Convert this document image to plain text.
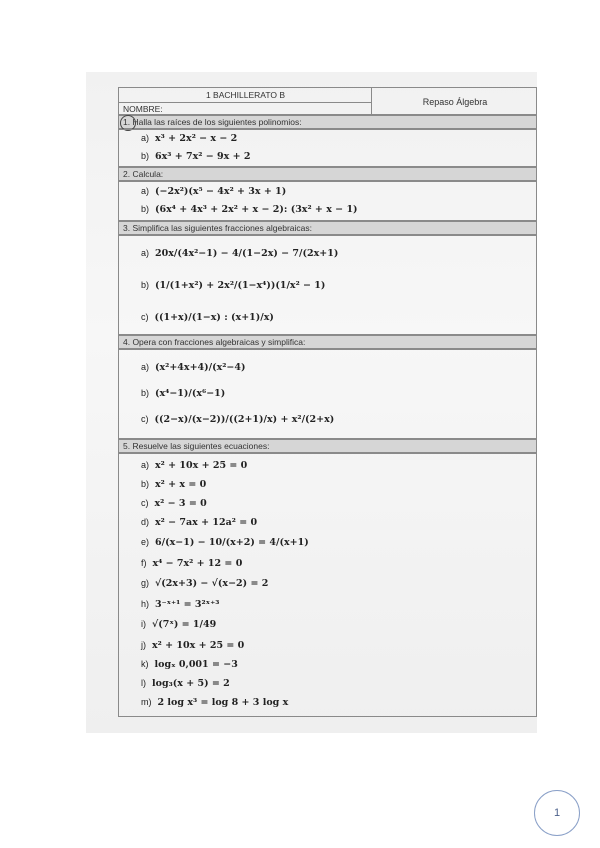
1 BACHILLERATO B
NOMBRE:
Repaso Álgebra
1. Halla las raíces de los siguientes polinomios:
a) x³ + 2x² − x − 2
b) 6x³ + 7x² − 9x + 2
2. Calcula:
a) (−2x²)(x⁵ − 4x² + 3x + 1)
b) (6x⁴ + 4x³ + 2x² + x − 2): (3x² + x − 1)
3. Simplifica las siguientes fracciones algebraicas:
a) 20x/(4x²−1) − 4/(1−2x) − 7/(2x+1)
b) (1/(1+x²) + 2x²/(1−x⁴))(1/x² − 1)
c) ((1+x)/(1−x) : (x+1)/x)
4. Opera con fracciones algebraicas y simplifica:
a) (x²+4x+4)/(x²−4)
b) (x⁴−1)/(x⁶−1)
c) ((2−x)/(x−2))/((2+1)/x) + x²/(2+x)
5. Resuelve las siguientes ecuaciones:
a) x² + 10x + 25 = 0
b) x² + x = 0
c) x² − 3 = 0
d) x² − 7ax + 12a² = 0
e) 6/(x−1) − 10/(x+2) = 4/(x+1)
f) x⁴ − 7x² + 12 = 0
g) √(2x+3) − √(x−2) = 2
h) 3⁻ˣ⁺¹ = 3²ˣ⁺³
i) √(7ˣ) = 1/49
j) x² + 10x + 25 = 0
k) logₓ 0,001 = −3
l) log₃(x + 5) = 2
m) 2 log x³ = log 8 + 3 log x
1
